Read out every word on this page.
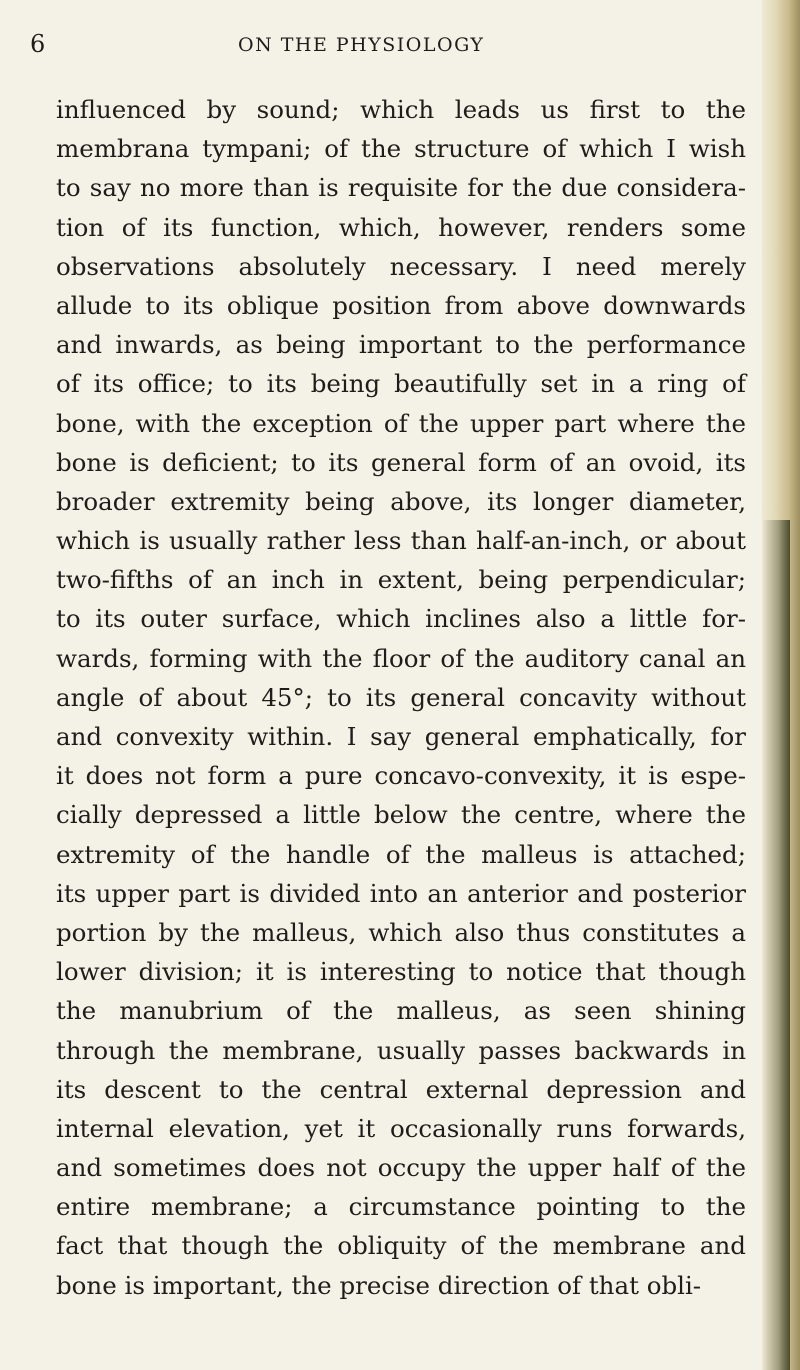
6	ON THE PHYSIOLOGY
influenced by sound; which leads us first to the
membrana tympani; of the structure of which I wish
to say no more than is requisite for the due considera-
tion of its function, which, however, renders some
observations absolutely necessary. I need merely
allude to its oblique position from above downwards
and inwards, as being important to the performance
of its office; to its being beautifully set in a ring of
bone, with the exception of the upper part where the
bone is deficient; to its general form of an ovoid, its
broader extremity being above, its longer diameter,
which is usually rather less than half-an-inch, or about
two-fifths of an inch in extent, being perpendicular;
to its outer surface, which inclines also a little for-
wards, forming with the floor of the auditory canal an
angle of about 45°; to its general concavity without
and convexity within. I say general emphatically, for
it does not form a pure concavo-convexity, it is espe-
cially depressed a little below the centre, where the
extremity of the handle of the malleus is attached;
its upper part is divided into an anterior and posterior
portion by the malleus, which also thus constitutes a
lower division; it is interesting to notice that though
the manubrium of the malleus, as seen shining
through the membrane, usually passes backwards in
its descent to the central external depression and
internal elevation, yet it occasionally runs forwards,
and sometimes does not occupy the upper half of the
entire membrane; a circumstance pointing to the
fact that though the obliquity of the membrane and
bone is important, the precise direction of that obli-
